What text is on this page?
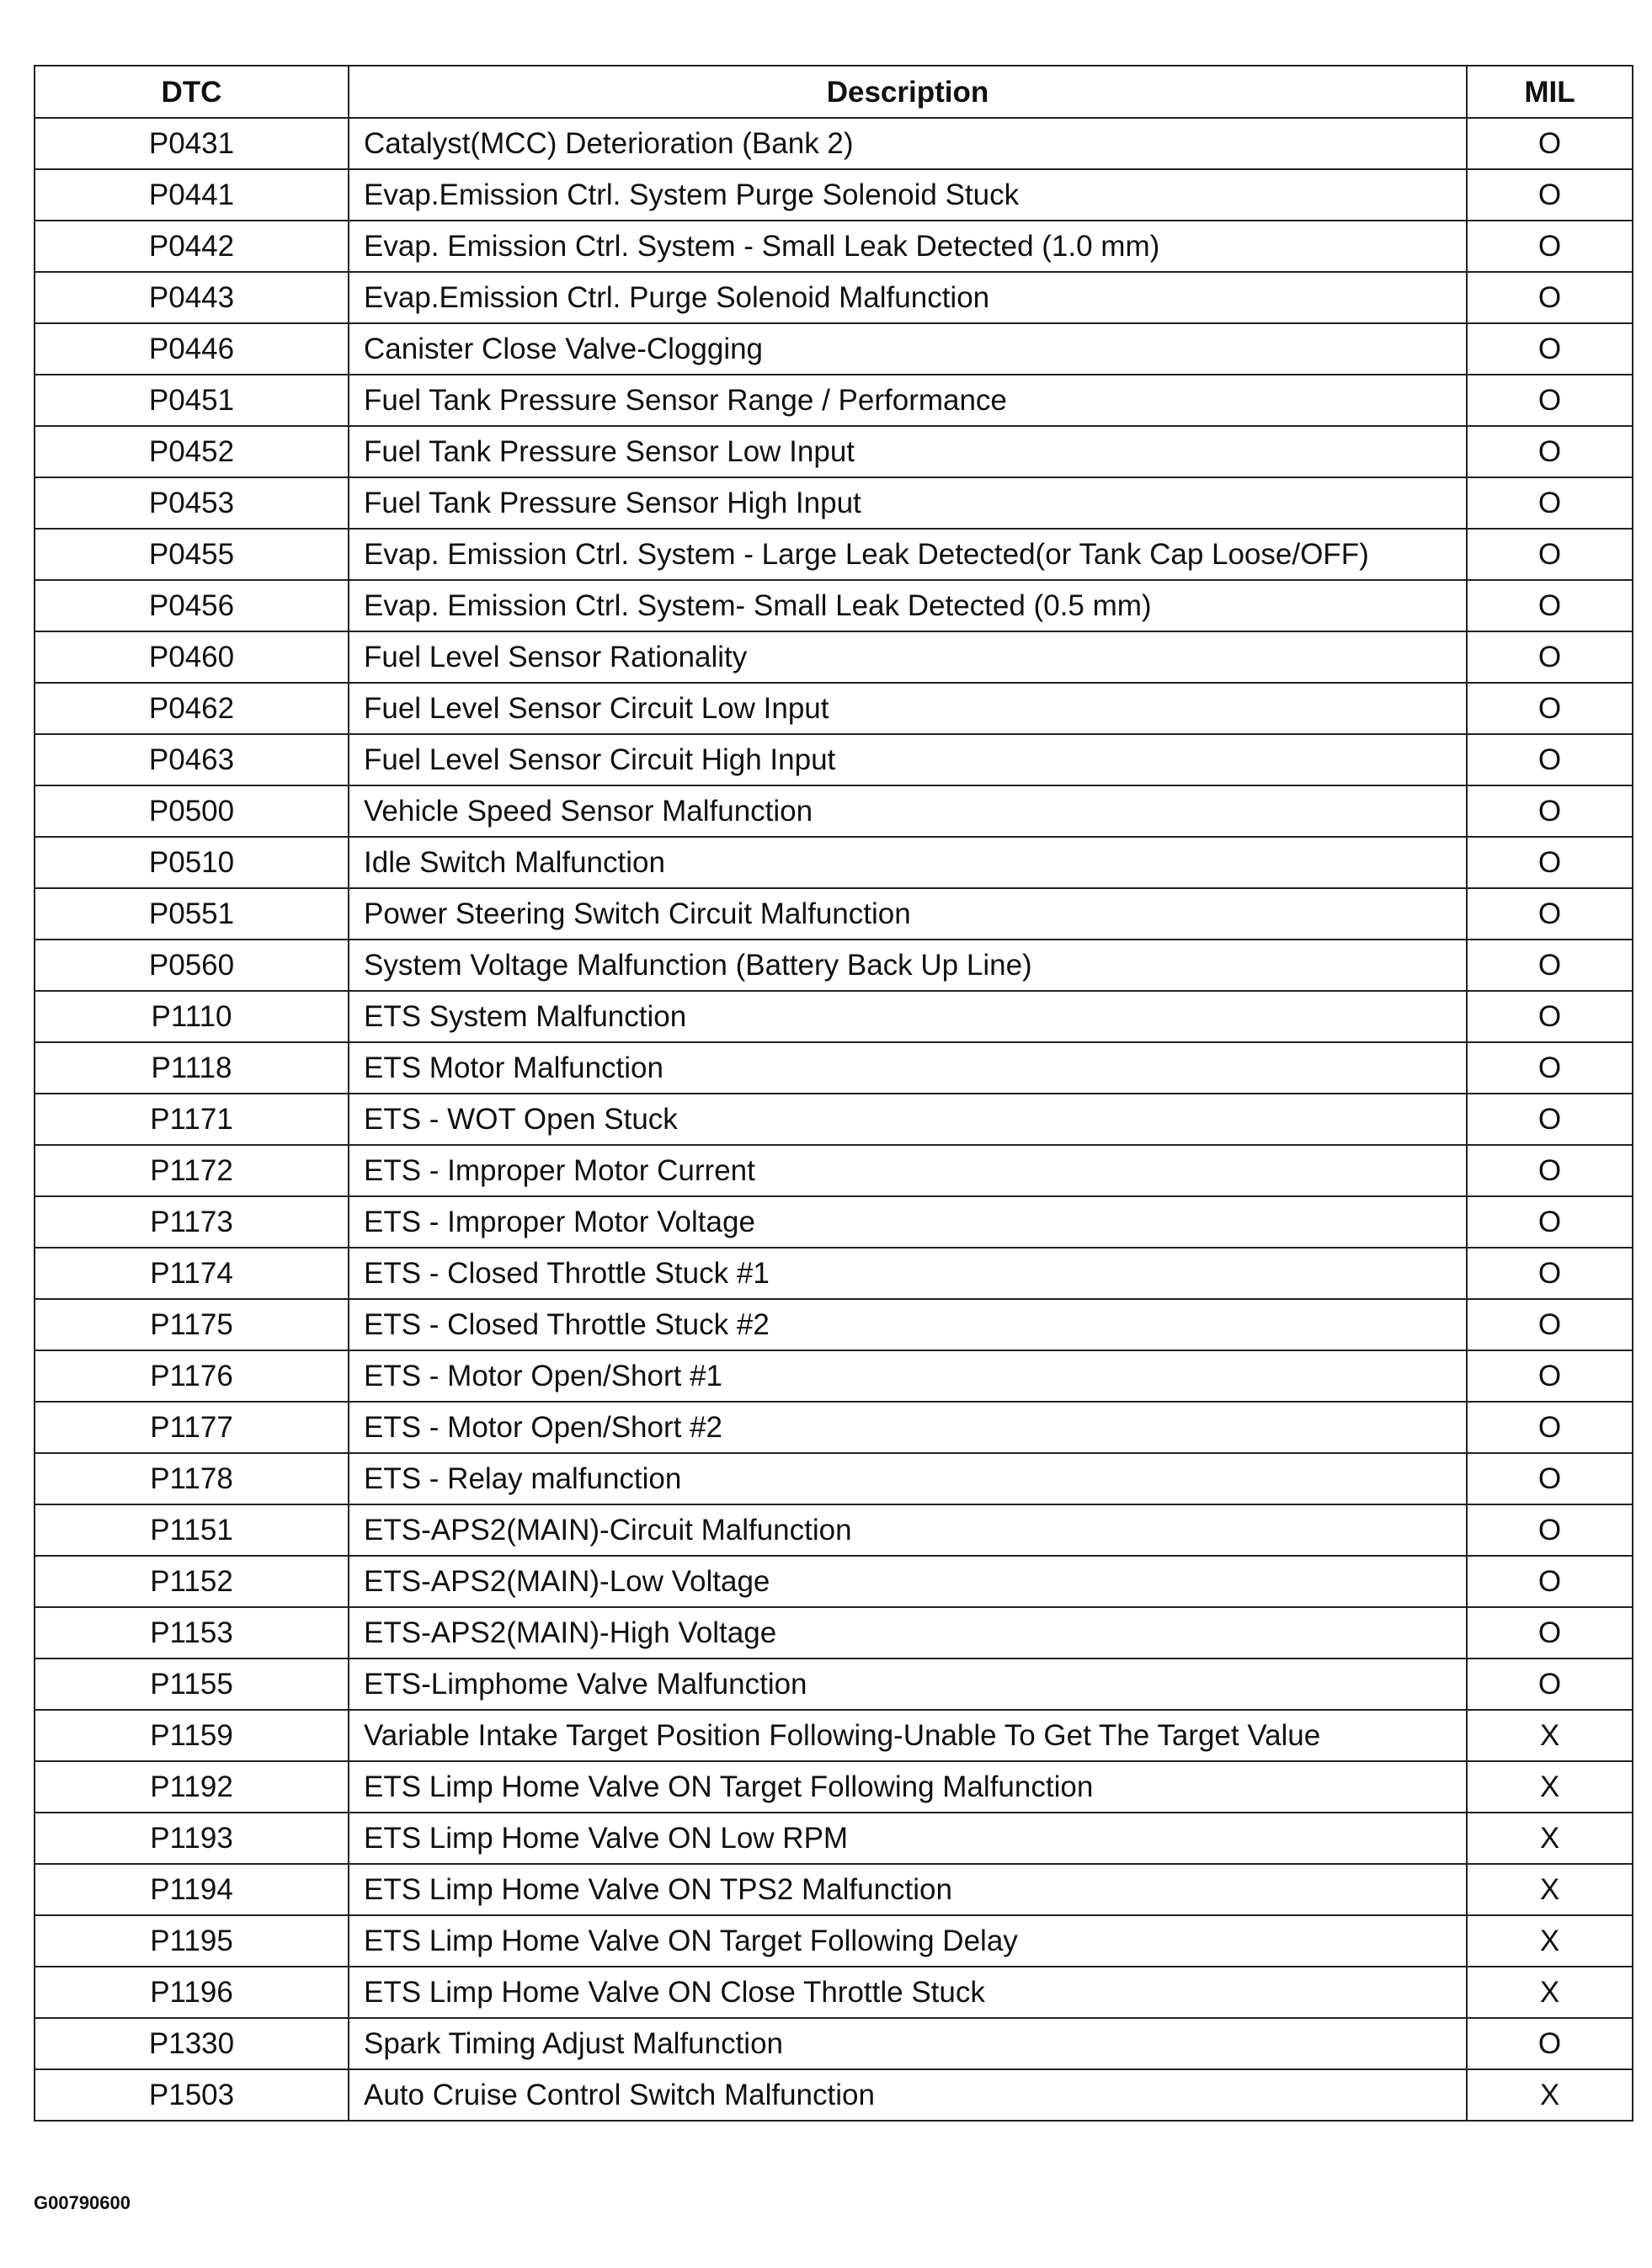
DTC	Description	MIL
P0431	Catalyst(MCC) Deterioration (Bank 2)	O
P0441	Evap.Emission Ctrl. System Purge Solenoid Stuck	O
P0442	Evap. Emission Ctrl. System - Small Leak Detected (1.0 mm)	O
P0443	Evap.Emission Ctrl. Purge Solenoid Malfunction	O
P0446	Canister Close Valve-Clogging	O
P0451	Fuel Tank Pressure Sensor Range / Performance	O
P0452	Fuel Tank Pressure Sensor Low Input	O
P0453	Fuel Tank Pressure Sensor High Input	O
P0455	Evap. Emission Ctrl. System - Large Leak Detected(or Tank Cap Loose/OFF)	O
P0456	Evap. Emission Ctrl. System- Small Leak Detected (0.5 mm)	O
P0460	Fuel Level Sensor Rationality	O
P0462	Fuel Level Sensor Circuit Low Input	O
P0463	Fuel Level Sensor Circuit High Input	O
P0500	Vehicle Speed Sensor Malfunction	O
P0510	Idle Switch Malfunction	O
P0551	Power Steering Switch Circuit Malfunction	O
P0560	System Voltage Malfunction (Battery Back Up Line)	O
P1110	ETS System Malfunction	O
P1118	ETS Motor Malfunction	O
P1171	ETS - WOT Open Stuck	O
P1172	ETS - Improper Motor Current	O
P1173	ETS - Improper Motor Voltage	O
P1174	ETS - Closed Throttle Stuck #1	O
P1175	ETS - Closed Throttle Stuck #2	O
P1176	ETS - Motor Open/Short #1	O
P1177	ETS - Motor Open/Short #2	O
P1178	ETS - Relay malfunction	O
P1151	ETS-APS2(MAIN)-Circuit Malfunction	O
P1152	ETS-APS2(MAIN)-Low Voltage	O
P1153	ETS-APS2(MAIN)-High Voltage	O
P1155	ETS-Limphome Valve Malfunction	O
P1159	Variable Intake Target Position Following-Unable To Get The Target Value	X
P1192	ETS Limp Home Valve ON Target Following Malfunction	X
P1193	ETS Limp Home Valve ON Low RPM	X
P1194	ETS Limp Home Valve ON TPS2 Malfunction	X
P1195	ETS Limp Home Valve ON Target Following Delay	X
P1196	ETS Limp Home Valve ON Close Throttle Stuck	X
P1330	Spark Timing Adjust Malfunction	O
P1503	Auto Cruise Control Switch Malfunction	X
G00790600
